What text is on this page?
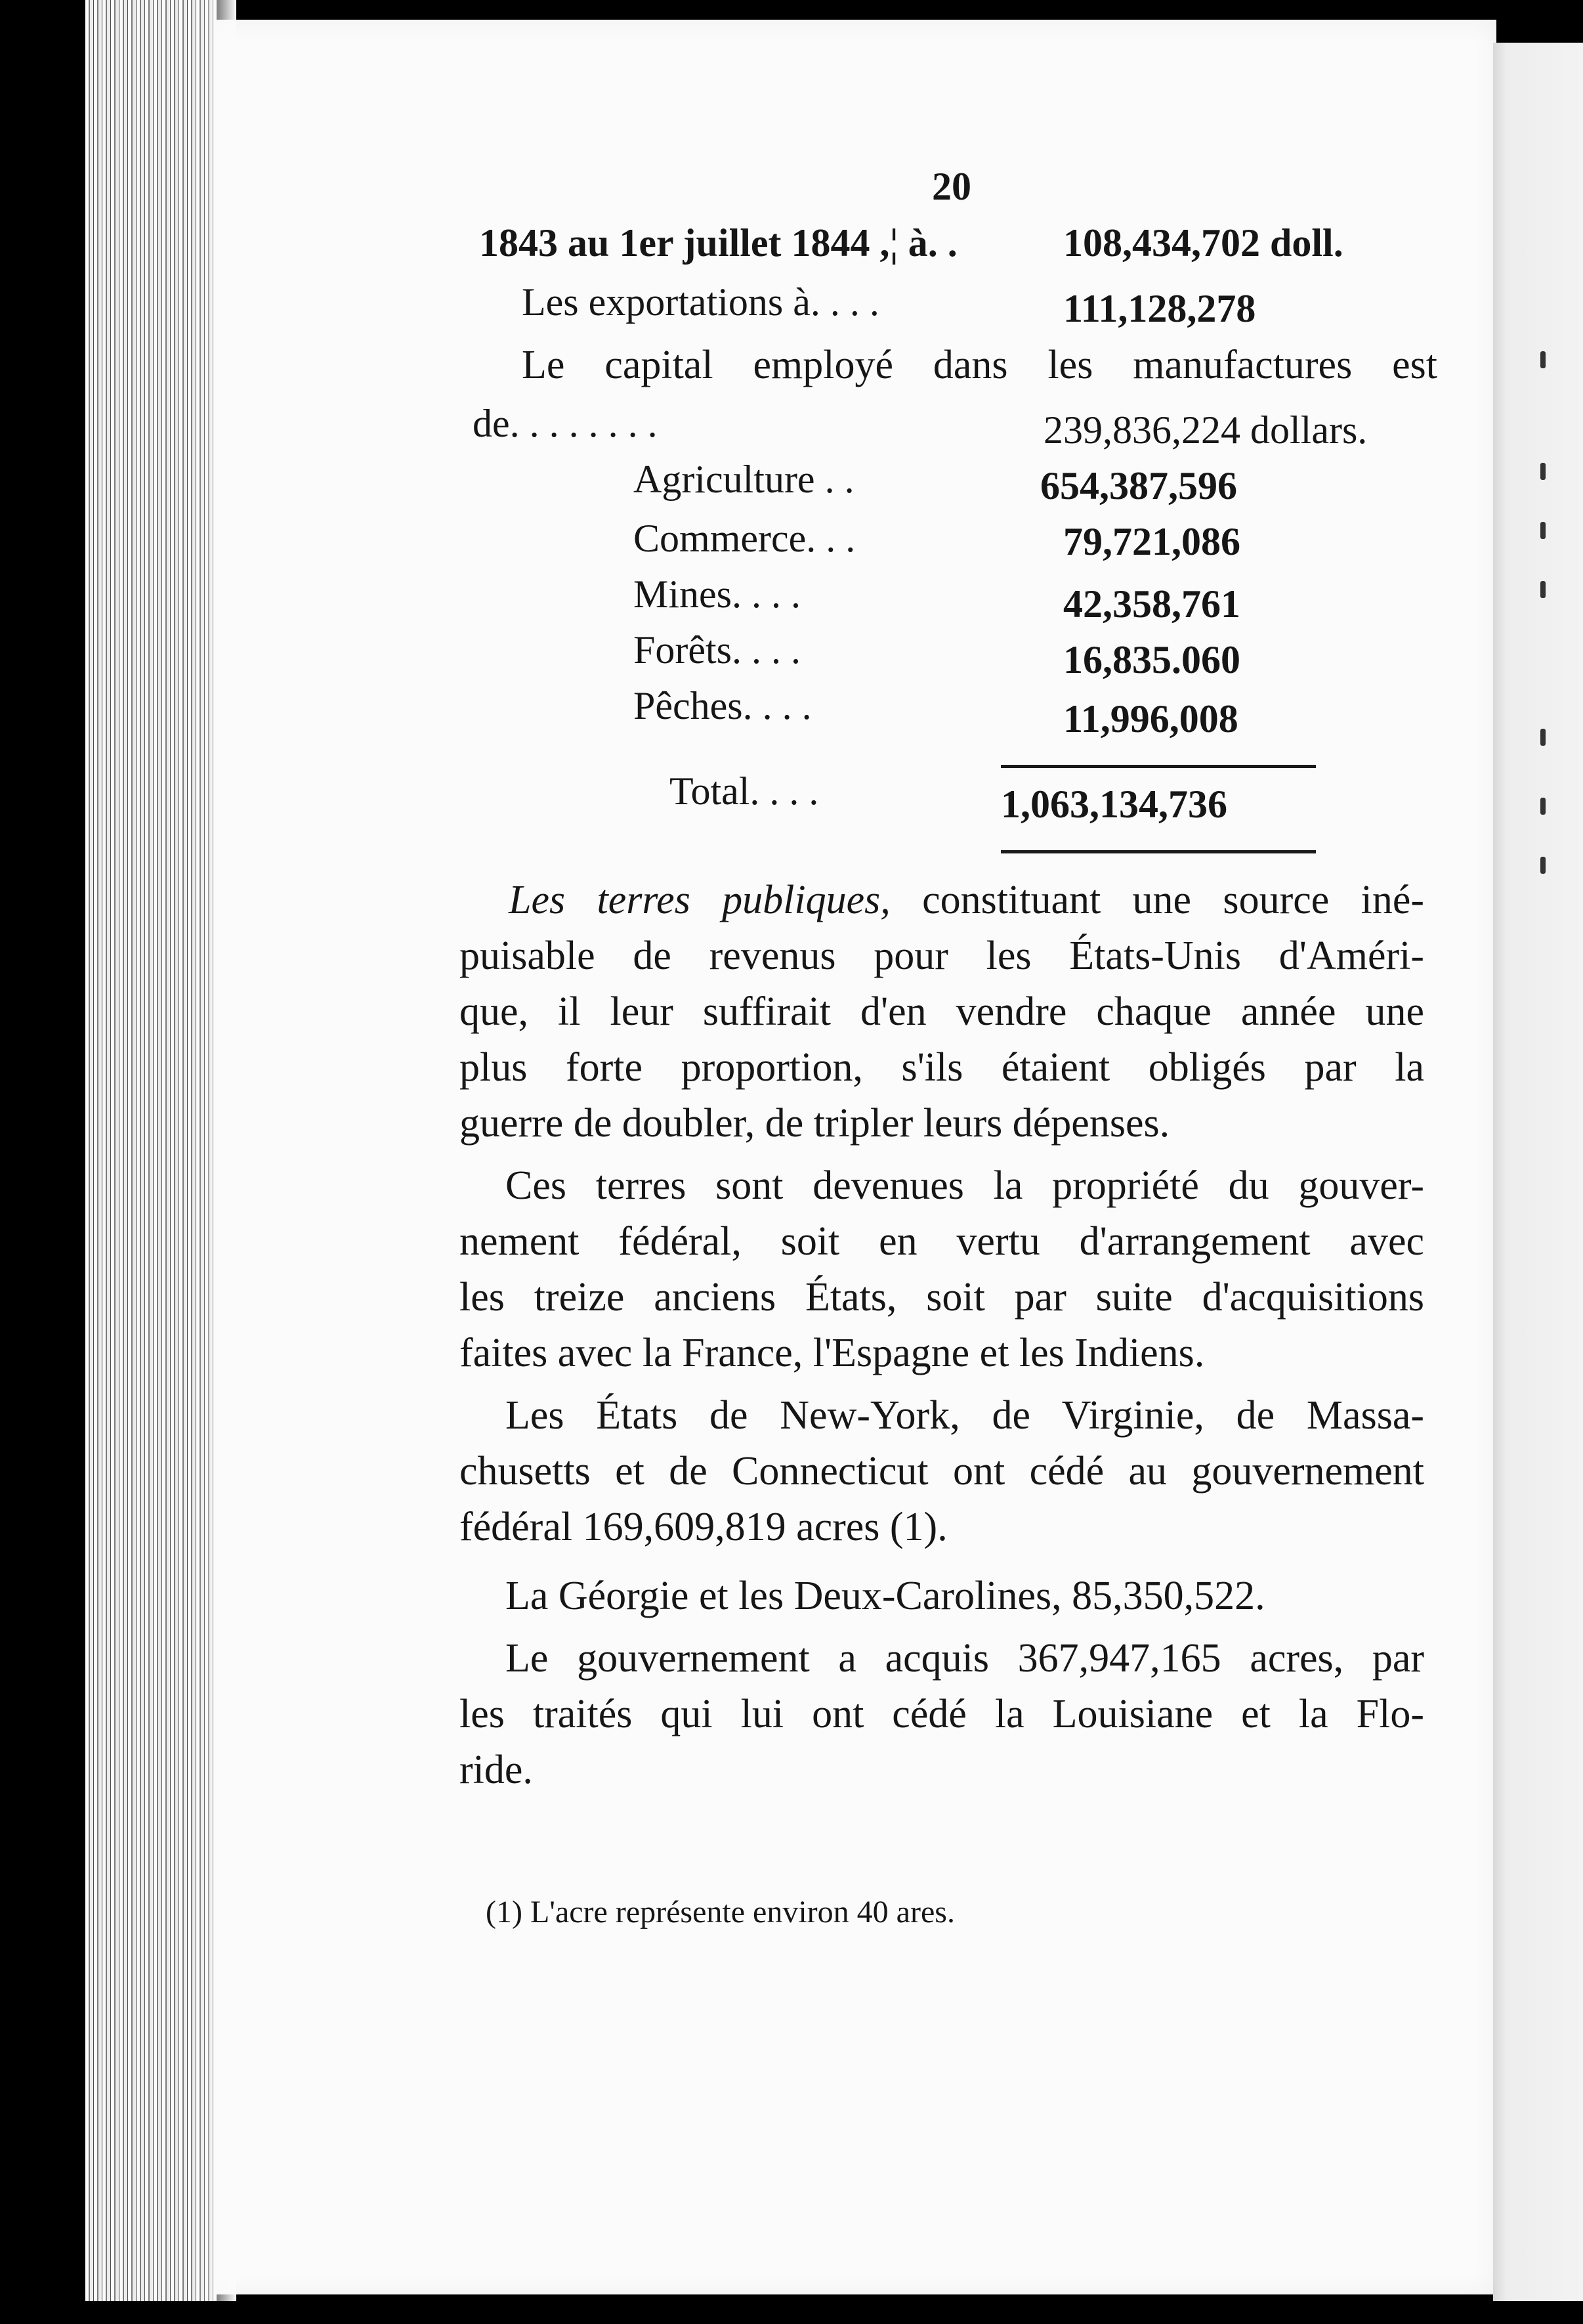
20
1843 au 1er juillet 1844 ,¦ à. .	108,434,702 doll.
Les exportations à. . . .	111,128,278
Le capital employé dans les manufactures est
de. . . . . . . .	239,836,224 dollars.
Agriculture . .	654,387,596
Commerce. . .	79,721,086
Mines. . . .	42,358,761
Forêts. . . .	16,835.060
Pêches. . . .	11,996,008
Total. . . .	1,063,134,736
Les terres publiques, constituant une source iné-
puisable de revenus pour les États-Unis d'Améri-
que, il leur suffirait d'en vendre chaque année une
plus forte proportion, s'ils étaient obligés par la
guerre de doubler, de tripler leurs dépenses.
Ces terres sont devenues la propriété du gouver-
nement fédéral, soit en vertu d'arrangement avec
les treize anciens États, soit par suite d'acquisitions
faites avec la France, l'Espagne et les Indiens.
Les États de New-York, de Virginie, de Massa-
chusetts et de Connecticut ont cédé au gouvernement
fédéral 169,609,819 acres (1).
La Géorgie et les Deux-Carolines, 85,350,522.
Le gouvernement a acquis 367,947,165 acres, par
les traités qui lui ont cédé la Louisiane et la Flo-
ride.
(1) L'acre représente environ 40 ares.
